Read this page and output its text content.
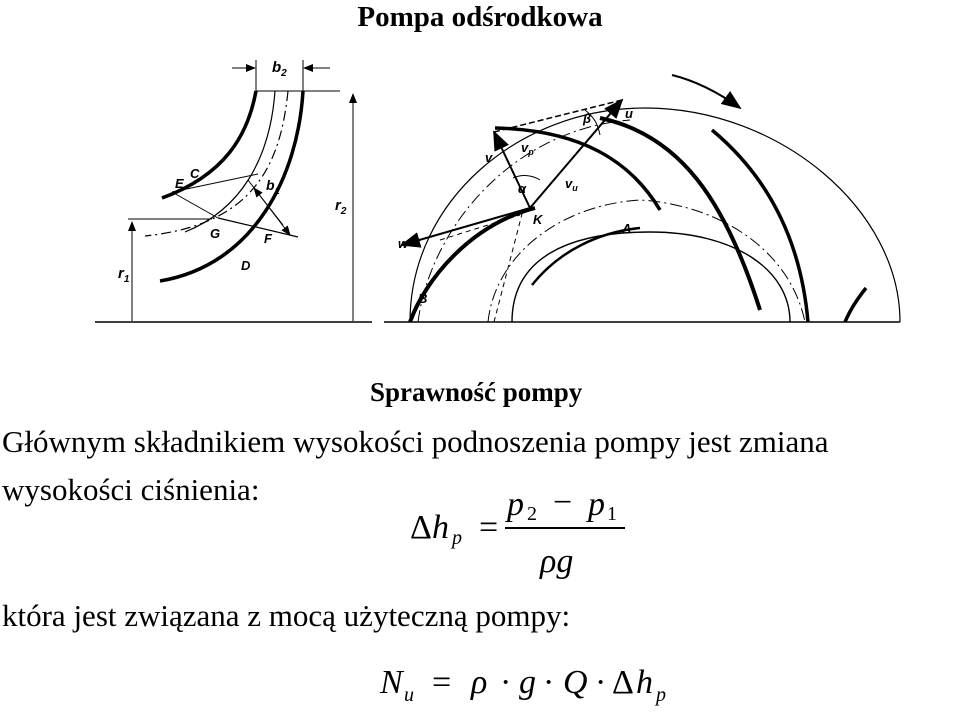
Pompa odśrodkowa
$b_2$
$r_2$
$r_1$
$b_1$
E
C
G	F
D
β	u
v
$v_p$
α	$v_u$
K
A
w
B
Sprawność pompy
Głównym składnikiem wysokości podnoszenia pompy jest zmiana
wysokości ciśnienia:
Δ h p =
p 2 − p 1
ρg
która jest związana z mocą użyteczną pompy:
N u = ρ · g · Q · Δ h p
